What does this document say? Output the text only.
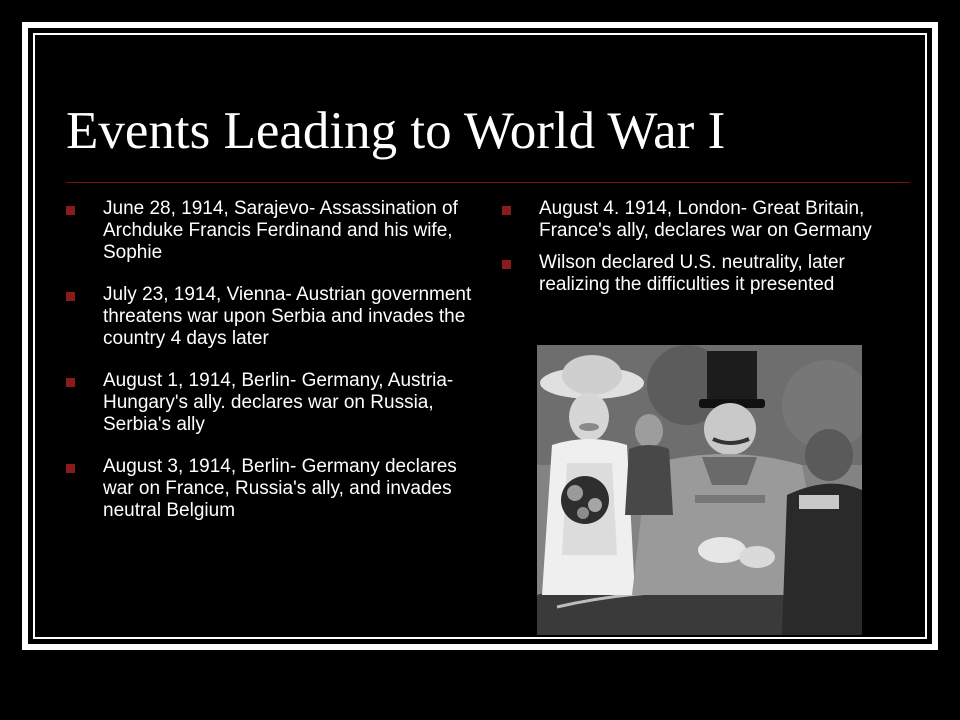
Events Leading to World War I
June 28, 1914, Sarajevo- Assassination of Archduke Francis Ferdinand and his wife, Sophie
July 23, 1914, Vienna- Austrian government threatens war upon Serbia and invades the country 4 days later
August 1, 1914, Berlin- Germany, Austria-Hungary's ally. declares war on Russia, Serbia's ally
August 3, 1914, Berlin- Germany declares war on France, Russia's ally, and invades neutral Belgium
August 4. 1914, London- Great Britain, France's ally, declares war on Germany
Wilson declared U.S. neutrality, later realizing the difficulties it presented
